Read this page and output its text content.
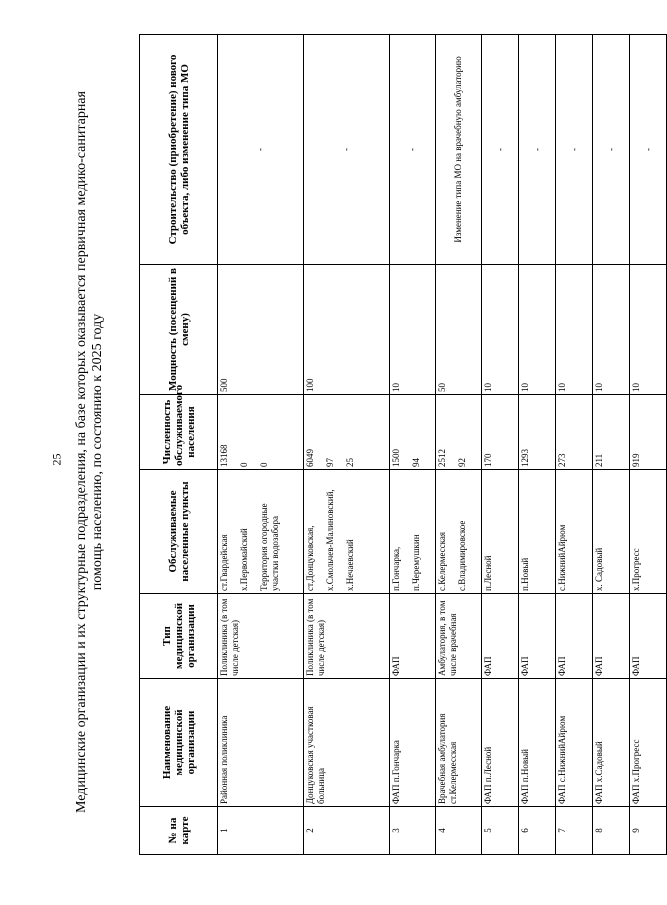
25 Медицинские организации и их структурные подразделения, на базе которых оказывается первичная медико-санитарная помощь населению, по состоянию к 2025 году
№ на карте	Наименование медицинской организации	Тип медицинской организации	Обслуживаемые населенные пункты	Численность обслуживаемого населения	Мощность (посещений в смену)	Строительство (приобретение) нового объекта, либо изменение типа МО
1	Районная поликлиника	Поликлиника (в том числе детская)	ст.Гвардейская х.Первомайский Территория огородные участки водозабора	13168 0 0	500	-
2	Донцуковская участковая больница	Поликлиника (в том числе детская)	ст.Донцуковская, х.Смольчев-Малиновский, х.Нечаевский	6049 97 25	100	-
3	ФАП п.Гончарка	ФАП	п.Гончарка, п.Черемушкин	1500 94	10	-
4	Врачебная амбулатория ст.Келермесская	Амбулатория, в том числе врачебная	с.Келермесская с.Владимировское	2512 92	50	Изменение типа МО на врачебную амбулаторию
5	ФАП п.Лесной	ФАП	п.Лесной	170	10	-
6	ФАП п.Новый	ФАП	п.Новый	1293	10	-
7	ФАП с.НижнийАйрюм	ФАП	с.НижнийАйрюм	273	10	-
8	ФАП х.Садовый	ФАП	х. Садовый	211	10	-
9	ФАП х.Прогресс	ФАП	х.Прогресс	919	10	-
